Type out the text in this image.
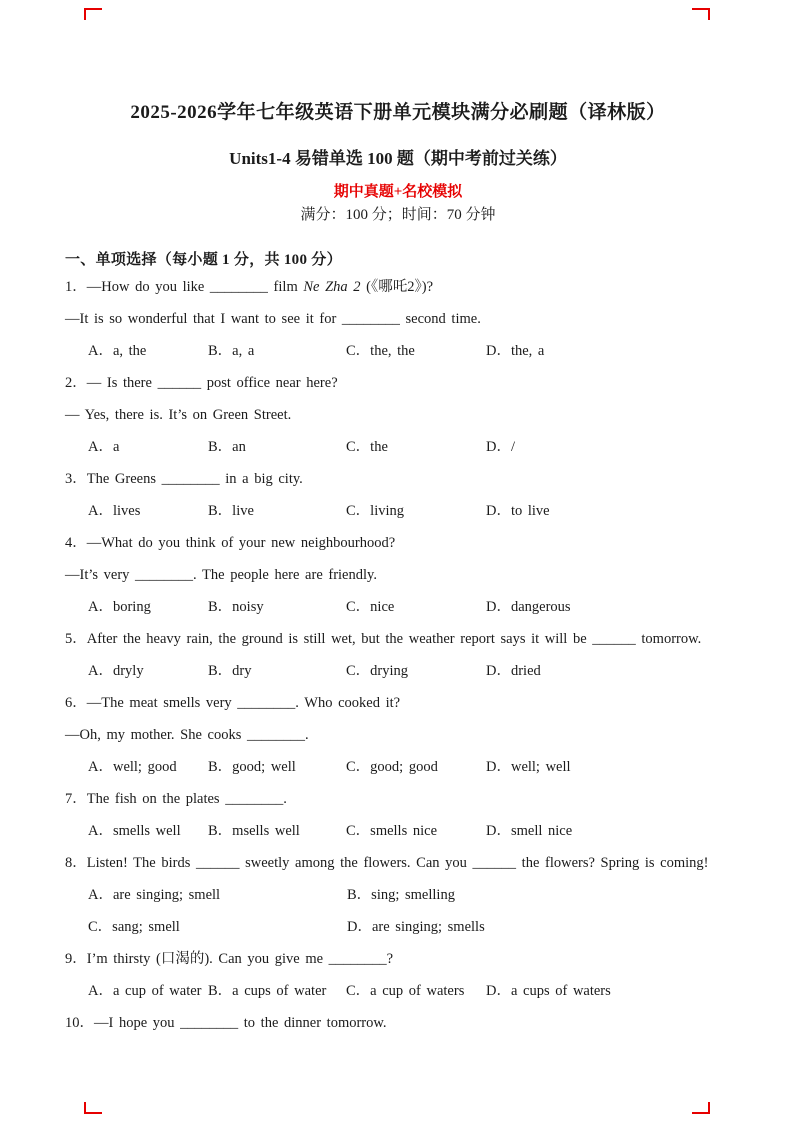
2025-2026学年七年级英语下册单元模块满分必刷题（译林版）
Units1-4 易错单选 100 题（期中考前过关练）
期中真题+名校模拟
满分：100 分；时间：70 分钟
一、单项选择（每小题 1 分，共 100 分）
1．—How do you like ________ film Ne Zha 2 (《哪吒2》)?
—It is so wonderful that I want to see it for ________ second time.
A．a, the	B．a, a	C．the, the	D．the, a
2．— Is there ______ post office near here?
— Yes, there is. It’s on Green Street.
A．a	B．an	C．the	D．/
3．The Greens ________ in a big city.
A．lives	B．live	C．living	D．to live
4．—What do you think of your new neighbourhood?
—It’s very ________. The people here are friendly.
A．boring	B．noisy	C．nice	D．dangerous
5．After the heavy rain, the ground is still wet, but the weather report says it will be ______ tomorrow.
A．dryly	B．dry	C．drying	D．dried
6．—The meat smells very ________. Who cooked it?
—Oh, my mother. She cooks ________.
A．well; good	B．good; well	C．good; good	D．well; well
7．The fish on the plates ________.
A．smells well	B．msells well	C．smells nice	D．smell nice
8．Listen! The birds ______ sweetly among the flowers. Can you ______ the flowers? Spring is coming!
A．are singing; smell	B．sing; smelling
C．sang; smell	D．are singing; smells
9．I’m thirsty (口渴的). Can you give me ________?
A．a cup of water B．a cups of water	C．a cup of waters	D．a cups of waters
10．—I hope you ________ to the dinner tomorrow.
